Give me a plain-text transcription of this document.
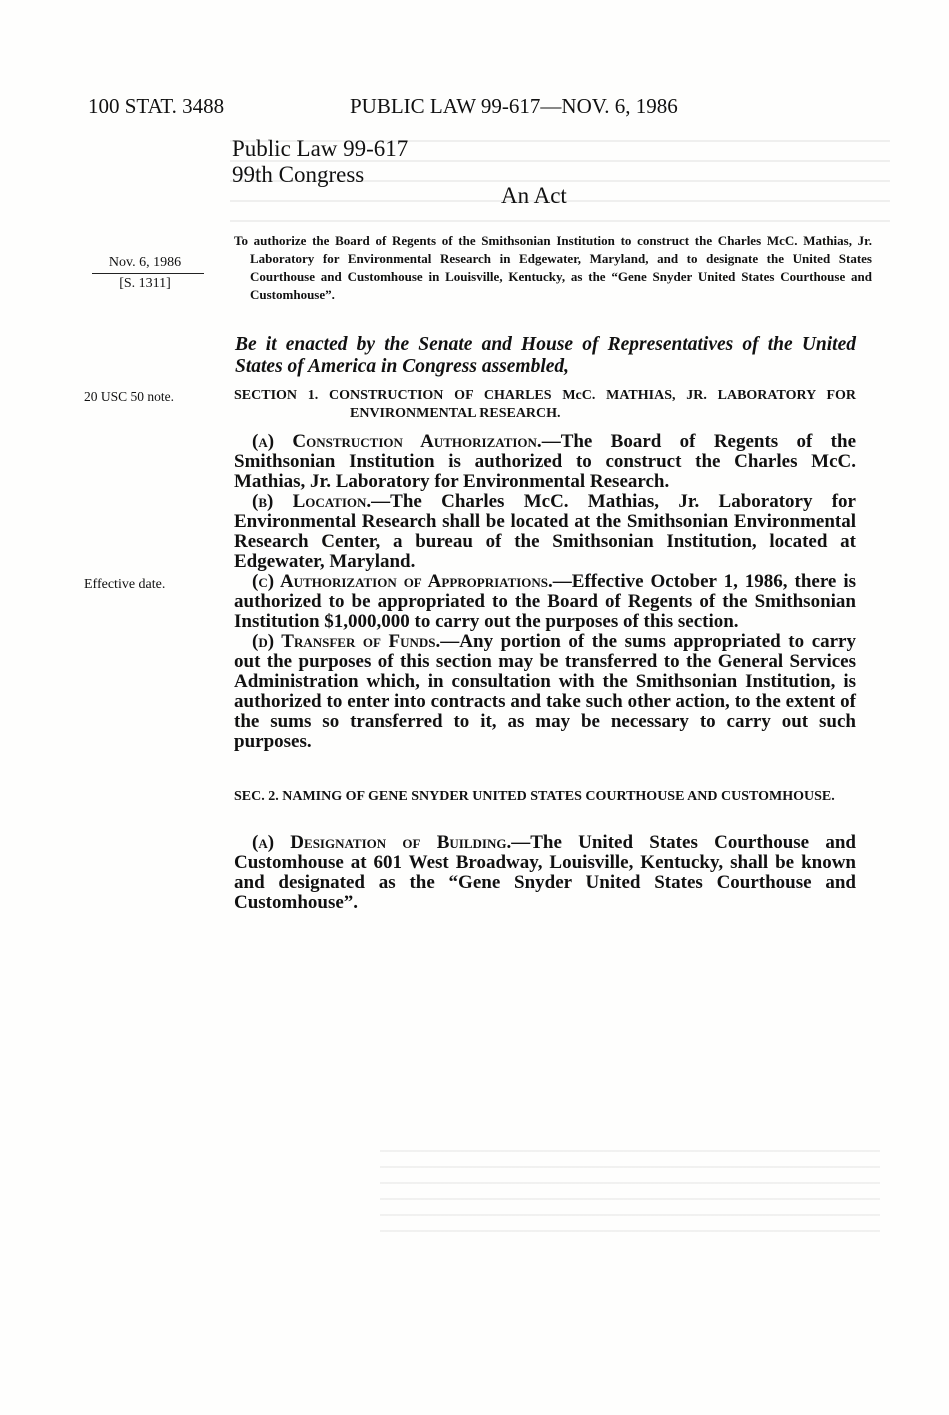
100 STAT. 3488	PUBLIC LAW 99-617—NOV. 6, 1986
Public Law 99-617
99th Congress
An Act
Nov. 6, 1986
[S. 1311]
20 USC 50 note.
Effective date.
To authorize the Board of Regents of the Smithsonian Institution to construct the Charles McC. Mathias, Jr. Laboratory for Environmental Research in Edgewater, Maryland, and to designate the United States Courthouse and Customhouse in Louisville, Kentucky, as the “Gene Snyder United States Courthouse and Customhouse”.
Be it enacted by the Senate and House of Representatives of the United States of America in Congress assembled,
SECTION 1. CONSTRUCTION OF CHARLES McC. MATHIAS, JR. LABORATORY FOR ENVIRONMENTAL RESEARCH.

(a) Construction Authorization.—The Board of Regents of the Smithsonian Institution is authorized to construct the Charles McC. Mathias, Jr. Laboratory for Environmental Research.

(b) Location.—The Charles McC. Mathias, Jr. Laboratory for Environmental Research shall be located at the Smithsonian Environmental Research Center, a bureau of the Smithsonian Institution, located at Edgewater, Maryland.

(c) Authorization of Appropriations.—Effective October 1, 1986, there is authorized to be appropriated to the Board of Regents of the Smithsonian Institution $1,000,000 to carry out the purposes of this section.

(d) Transfer of Funds.—Any portion of the sums appropriated to carry out the purposes of this section may be transferred to the General Services Administration which, in consultation with the Smithsonian Institution, is authorized to enter into contracts and take such other action, to the extent of the sums so transferred to it, as may be necessary to carry out such purposes.

SEC. 2. NAMING OF GENE SNYDER UNITED STATES COURTHOUSE AND CUSTOMHOUSE.

(a) Designation of Building.—The United States Courthouse and Customhouse at 601 West Broadway, Louisville, Kentucky, shall be known and designated as the “Gene Snyder United States Courthouse and Customhouse”.
